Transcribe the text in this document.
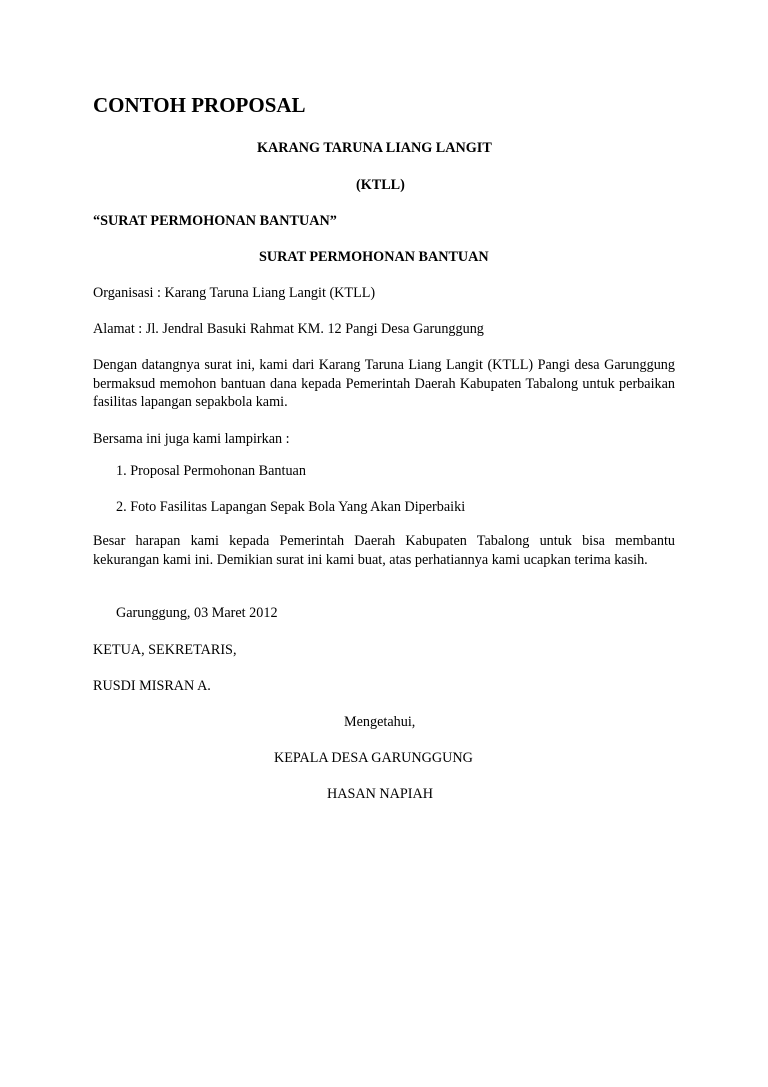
CONTOH PROPOSAL

KARANG TARUNA LIANG LANGIT

(KTLL)

“SURAT PERMOHONAN BANTUAN”

SURAT PERMOHONAN BANTUAN

Organisasi : Karang Taruna Liang Langit (KTLL)

Alamat : Jl. Jendral Basuki Rahmat KM. 12 Pangi Desa Garunggung

Dengan datangnya surat ini, kami dari Karang Taruna Liang Langit (KTLL) Pangi desa Garunggung bermaksud memohon bantuan dana kepada Pemerintah Daerah Kabupaten Tabalong untuk perbaikan fasilitas lapangan sepakbola kami.

Bersama ini juga kami lampirkan :

1. Proposal Permohonan Bantuan
2. Foto Fasilitas Lapangan Sepak Bola Yang Akan Diperbaiki

Besar harapan kami kepada Pemerintah Daerah Kabupaten Tabalong untuk bisa membantu kekurangan kami ini. Demikian surat ini kami buat, atas perhatiannya kami ucapkan terima kasih.

Garunggung, 03 Maret 2012

KETUA, SEKRETARIS,

RUSDI MISRAN A.

Mengetahui,

KEPALA DESA GARUNGGUNG

HASAN NAPIAH
